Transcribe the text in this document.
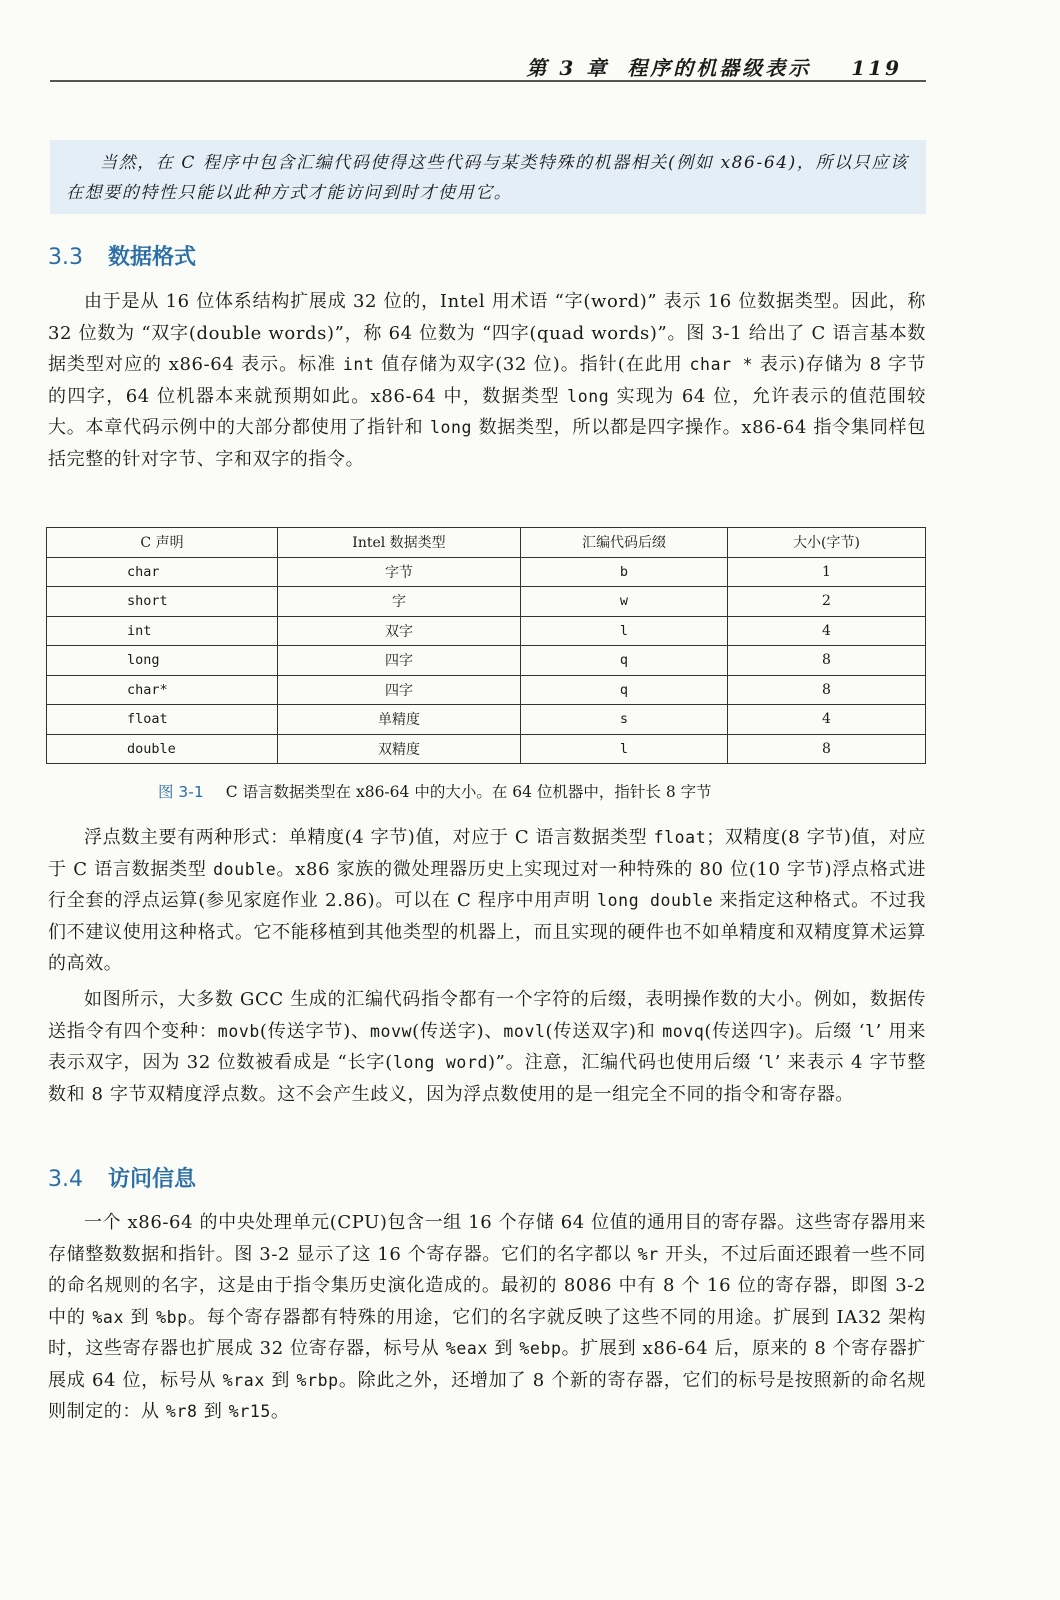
第 3 章 程序的机器级表示 119

当然，在 C 程序中包含汇编代码使得这些代码与某类特殊的机器相关(例如 x86-64)，所以只应该在想要的特性只能以此种方式才能访问到时才使用它。

3.3 数据格式

由于是从 16 位体系结构扩展成 32 位的，Intel 用术语 “字(word)” 表示 16 位数据类型。因此，称 32 位数为 “双字(double words)”，称 64 位数为 “四字(quad words)”。图 3-1 给出了 C 语言基本数据类型对应的 x86-64 表示。标准 int 值存储为双字(32 位)。指针(在此用 char * 表示)存储为 8 字节的四字，64 位机器本来就预期如此。x86-64 中，数据类型 long 实现为 64 位，允许表示的值范围较大。本章代码示例中的大部分都使用了指针和 long 数据类型，所以都是四字操作。x86-64 指令集同样包括完整的针对字节、字和双字的指令。

C 声明	Intel 数据类型	汇编代码后缀	大小(字节)
char	字节	b	1
short	字	w	2
int	双字	l	4
long	四字	q	8
char*	四字	q	8
float	单精度	s	4
double	双精度	l	8
图 3-1 C 语言数据类型在 x86-64 中的大小。在 64 位机器中，指针长 8 字节

浮点数主要有两种形式：单精度(4 字节)值，对应于 C 语言数据类型 float；双精度(8 字节)值，对应于 C 语言数据类型 double。x86 家族的微处理器历史上实现过对一种特殊的 80 位(10 字节)浮点格式进行全套的浮点运算(参见家庭作业 2.86)。可以在 C 程序中用声明 long double 来指定这种格式。不过我们不建议使用这种格式。它不能移植到其他类型的机器上，而且实现的硬件也不如单精度和双精度算术运算的高效。

如图所示，大多数 GCC 生成的汇编代码指令都有一个字符的后缀，表明操作数的大小。例如，数据传送指令有四个变种：movb(传送字节)、movw(传送字)、movl(传送双字)和 movq(传送四字)。后缀 ‘l’ 用来表示双字，因为 32 位数被看成是 “长字(long word)”。注意，汇编代码也使用后缀 ‘l’ 来表示 4 字节整数和 8 字节双精度浮点数。这不会产生歧义，因为浮点数使用的是一组完全不同的指令和寄存器。

3.4 访问信息

一个 x86-64 的中央处理单元(CPU)包含一组 16 个存储 64 位值的通用目的寄存器。这些寄存器用来存储整数数据和指针。图 3-2 显示了这 16 个寄存器。它们的名字都以 %r 开头，不过后面还跟着一些不同的命名规则的名字，这是由于指令集历史演化造成的。最初的 8086 中有 8 个 16 位的寄存器，即图 3-2 中的 %ax 到 %bp。每个寄存器都有特殊的用途，它们的名字就反映了这些不同的用途。扩展到 IA32 架构时，这些寄存器也扩展成 32 位寄存器，标号从 %eax 到 %ebp。扩展到 x86-64 后，原来的 8 个寄存器扩展成 64 位，标号从 %rax 到 %rbp。除此之外，还增加了 8 个新的寄存器，它们的标号是按照新的命名规则制定的：从 %r8 到 %r15。
